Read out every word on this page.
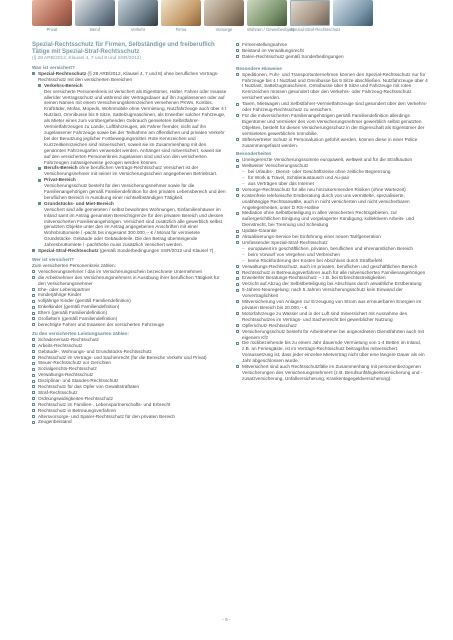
Privat	Beruf	Verkehr	Firma	Vorsorge	Wohnen / Gewerbeobjekt
Spezial-Straf-Rechtsschutz
Spezial-Rechtsschutz für Firmen, Selbständige und freiberuflich Tätige mit Spezial-Straf-Rechtsschutz
(§ 28 ARB/2012, Klausel 4, 7 und 8 und SSR/2012)
Was ist versichert?
Spezial-Rechtsschutz (§ 28 ARB/2012, Klausel 4, 7 und 8) ohne beruflichen Vertrags-Rechtsschutz mit den versicherten Bereichen
Verkehrs-Bereich
Der versicherte Personenkreis ist versichert als Eigentümer, Halter, Fahrer oder Insasse aller/der Vertragsschutz und während der Vertragsdauer auf ihn zugelassenen oder auf seinen Namen mit einem Versicherungskennzeichen versehenen PKWs, Kombis, Krafträder, Mofas, Mopeds, Wohnmobile ohne Vermietung, Nutzfahrzeuge auch über 4 t Nutzlast, Omnibusse bis 9 Sitze, Sattelzugmaschinen, als Erwerber solcher Fahrzeuge, als Mieter eines zum vorübergehenden Gebrauch gemieteten Selbstfahrer-Vermietfahrzeuges zu Lande, Luftfahrzeuges, als Fahrer fremder, nicht auf ihn zugelassener Fahrzeuge sowie bei der Teilnahme am öffentlichen und privaten Verkehr bei der Benutzung jeglicher Fortbewegungsmittel. Rote Kennzeichen und Kurzzeitkennzeichen sind mitversichert, soweit sie im Zusammenhang mit den genannten Fahrzeugarten verwendet werden. Anhänger sind mitversichert, soweit sie auf den versicherten Personenkreis zugelassen sind und von den versicherten Fahrzeugen zulässigerweise gezogen werden können.
Berufs-Bereich ohne beruflichen Vertrags-Rechtsschutz Versichert ist der Versicherungsnehmer mit seiner im Versicherungsschein angegebenen Betriebsart.
Privat-Bereich
Versicherungsschutz besteht für den Versicherungsnehmer sowie für die Familienangehörigen gemäß Familiendefinition für den privaten Lebensbereich und den beruflichen Bereich in Ausübung einer nichtselbständigen Tätigkeit.
Grundstücks- und Miet-Bereich
Versichert sind alle gemieteten / selbst bewohnten Wohnungen, Einfamilienhäuser im Inland samt im Antrag genannten Bereichsgrenze für den privaten Bereich und dessen mitversicherten Familienangehörigen. Versichert sind zusätzlich alle gewerblich selbst genutzten Objekte unter den im Antrag angegebenen Anschriften mit einer Wohnbruttomiete / -pacht bis insgesamt 300.000,-- € / Monat für vermietete Grundstücke. Gebäude oder Gebäudeteile. Die den Betrag übersteigende Jahresbruttomiete / -pachthöhe muss zusätzlich versichert werden.
Spezial-Straf-Rechtsschutz (gemäß Sonderbedingungen SSR/2012 und Klausel 7)
Wer ist versichert?
Zum versicherten Personenkreis zählen:
Versicherungsnehmer / das im Versicherungsschein bezeichnete Unternehmen
die Arbeitnehmer des Versicherungsnehmers in Ausübung ihrer beruflichen Tätigkeit für den Versicherungsnehmer
Ehe- oder Lebenspartner
minderjährige Kinder
volljährige Kinder (gemäß Familiendefinition)
Enkelkinder (gemäß Familiendefinition)
Eltern (gemäß Familiendefinition)
Großeltern (gemäß Familiendefinition)
berechtigte Fahrer und Insassen der versicherten Fahrzeuge
Zu den versicherten Leistungsarten zählen:
Schadenersatz-Rechtsschutz
Arbeits-Rechtsschutz
Gebäude-, Wohnungs- und Grundstücks-Rechtsschutz
Rechtsschutz im Vertrags- und Sachenrecht (für die Bereiche Verkehr und Privat)
Steuer-Rechtsschutz vor Gerichten
Sozialgerichts-Rechtsschutz
Verwaltungs-Rechtsschutz
Disziplinar- und Standes-Rechtsschutz
Rechtsschutz für das Opfer von Gewaltstraftaten
Straf-Rechtsschutz
Ordnungswidrigkeiten-Rechtsschutz
Rechtsschutz im Familien-, Lebenspartnerschafts- und Erbrecht
Rechtsschutz in Betreuungsverfahren
Altersvorsorge- und Sparer-Rechtsschutz für den privaten Bereich
Zeugenbeistand
Firmenstellungnahme
Beistand im Verwaltungsrecht
Daten-Rechtsschutz gemäß Sonderbedingungen
Besondere Hinweise
Speditionen, Fuhr- und Transportunternehmen können den Spezial-Rechtsschutz nur für Fahrzeuge bis 4 t Nutzlast und Omnibusse bis 9 Sitze abschließen. Nutzfahrzeuge über 4 t Nutzlast, Sattelzugmaschinen, Omnibusse über 9 Sitze und Fahrzeuge mit roten Kennzeichen müssen gesondert über den Verkehrs- oder Fahrzeug-Rechtsschutz versichert werden.
Taxen, Mietwagen und Selbstfahrer-Vermietfahrzeuge sind gesondert über den Verkehrs- oder Fahrzeug-Rechtsschutz zu versichern.
Für die mitversicherten Familienangehörigen gemäß Familiendefinition allerdings Eigentümer und Vermieter des vom Versicherungsnehmer gewerblich selbst genutzten Objektes, besteht für diesen Versicherungsschutz in der Eigenschaft als Eigentümer der vermieteten gewerblichen Immobilie.
Stiftervertreter Schutz in Personalunion geführt werden, können diese in einer Police zusammengefasst werden.
Besonderheiten
Uneingerenzte Versicherungssumme europaweit, weltweit und für die Strafkaution
Weltweiter Versicherungsschutz
– bei Urlaubs-, Dienst- oder Geschäftsreise ohne zeitliche Begrenzung
– für Work & Travel, Schüleraustausch und Au-pair
– aus Verträgen über das Internet
Vorsorge-Rechtsschutz für alle neu hinzukommenden Risiken (ohne Wartezeit)
Kostenfreie telefonische Erstberatung durch von uns vermittelte, spezialisierte, unabhängige Rechtsanwälte, auch in nicht versicherten und nicht versicherbaren Angelegenheiten, unter D RS-Hotline
Mediation ohne Selbstbeteiligung in allen versicherten Rechtsgebieten, zur außergerichtlichen Einigung und vorgelagerter Kündigung, kollektivem Arbeits- und Dienstrecht, bei Trennung und Scheidung
Update-Garantie
Aktualisierungs-Service bei Einführung einer neuen Tarifgeneration
Umfassender Spezial-Straf-Rechtsschutz
– europaweit im geschäftlichen, privaten, beruflichen und ehrenamtlichen Bereich
– beim Vorwurf von Vergehen und Verbrechen
– keine Rückforderung der Kosten bei Abschluss durch Strafbefehl
Verwaltungs-Rechtsschutz, auch im privaten, beruflichen und geschäftlichen Bereich
Rechtsschutz in Betreuungsverfahren auch für alle mitversicherten Familienangehörigen
Erweiterter Beratungs-Rechtsschutz – z.B. bei Erbrechtsstreitigkeiten
Verzicht auf Abzug der Selbstbeteiligung bei Abschluss durch anwaltliche Erstberatung
5-Jahres-Neuregelung: nach 5 Jahren Versicherungsschutz kein Einwand der Vorvertraglichkeit
Mitversicherung von Anlagen zur Erzeugung von Strom aus erneuerbaren Energien im privaten Bereich bis 20.000,-- €
Motorfahrzeuge zu Wasser und in der Luft sind mitversichert mit Ausnahme des Rechtsschutzes im Vertrags- und Sachenrecht bei gewerblicher Nutzung
Opferschutz-Rechtsschutz
Versicherungsschutz besteht für Arbeitnehmer bei angeordneten Dienstfahrten auch mit eigenem Kfz
Die rückbeziehende bis zu einem Jahr dauernde Vermietung von 1-4 Betten im Inland, z.B. an Feriengäste, ist im Vertrags-Rechtsschutz beitragsfrei mitversichert. Voraussetzung ist, dass jeder einzelne Mietvertrag nicht über eine längere Dauer als ein Jahr abgeschlossen wurde.
Mitversichert sind auch Rechtsschutzfälle im Zusammenhang mit personenbezogenen Versicherungen des Versicherungsnehmers (z.B. Berufsunfähigkeitsversicherung und -zusatzversicherung, Unfallversicherung, Krankentagegeldversicherung).
- 5 -
